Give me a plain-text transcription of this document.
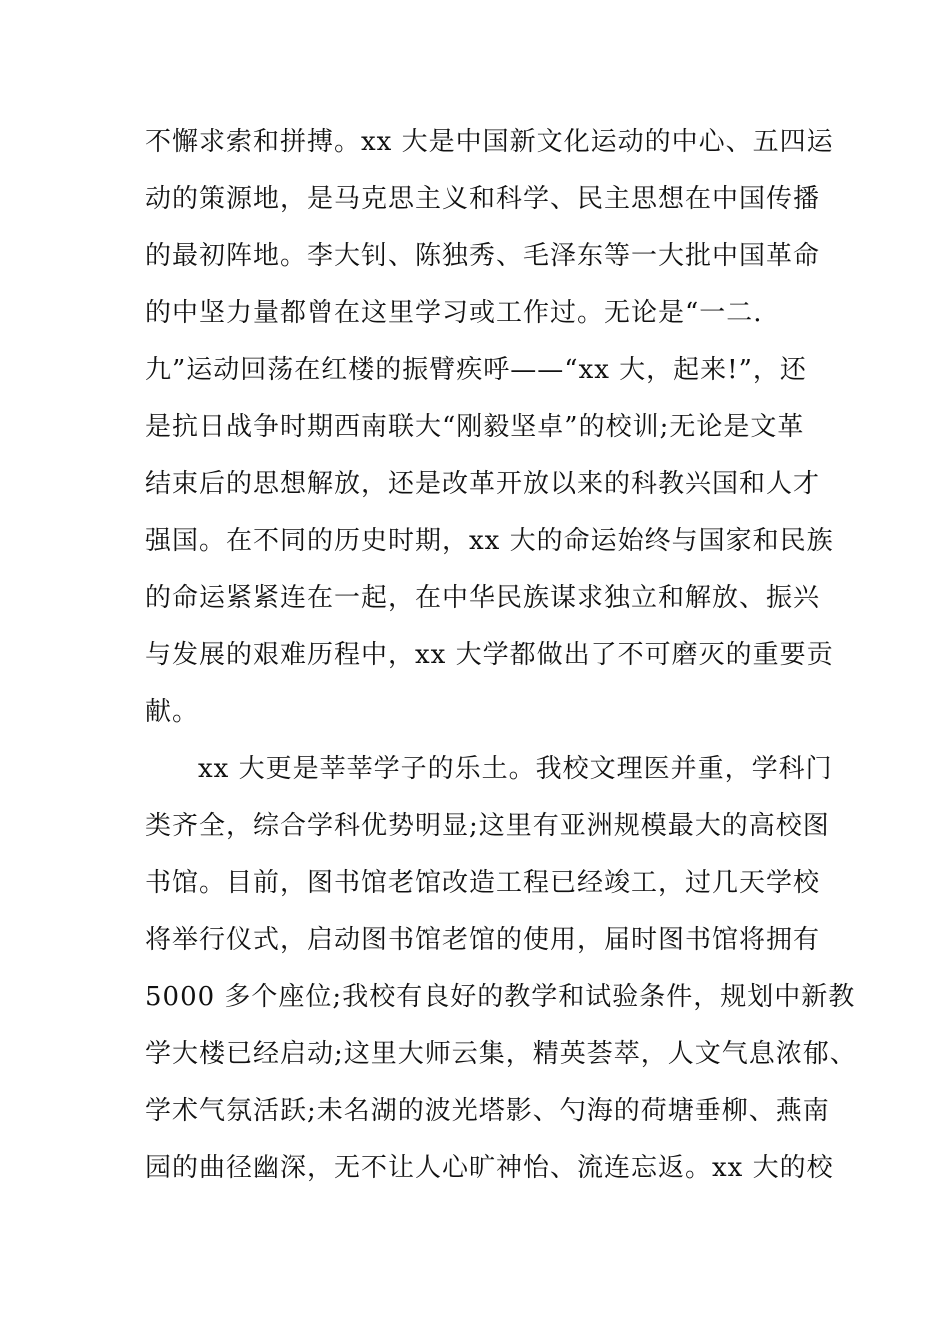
不懈求索和拼搏。xx 大是中国新文化运动的中心、五四运
动的策源地，是马克思主义和科学、民主思想在中国传播
的最初阵地。李大钊、陈独秀、毛泽东等一大批中国革命
的中坚力量都曾在这里学习或工作过。无论是“一二.
九”运动回荡在红楼的振臂疾呼——“xx 大，起来!”，还
是抗日战争时期西南联大“刚毅坚卓”的校训;无论是文革
结束后的思想解放，还是改革开放以来的科教兴国和人才
强国。在不同的历史时期，xx 大的命运始终与国家和民族
的命运紧紧连在一起，在中华民族谋求独立和解放、振兴
与发展的艰难历程中，xx 大学都做出了不可磨灭的重要贡
献。
xx 大更是莘莘学子的乐土。我校文理医并重，学科门
类齐全，综合学科优势明显;这里有亚洲规模最大的高校图
书馆。目前，图书馆老馆改造工程已经竣工，过几天学校
将举行仪式，启动图书馆老馆的使用，届时图书馆将拥有
5000 多个座位;我校有良好的教学和试验条件，规划中新教
学大楼已经启动;这里大师云集，精英荟萃，人文气息浓郁、
学术气氛活跃;未名湖的波光塔影、勺海的荷塘垂柳、燕南
园的曲径幽深，无不让人心旷神怡、流连忘返。xx 大的校
